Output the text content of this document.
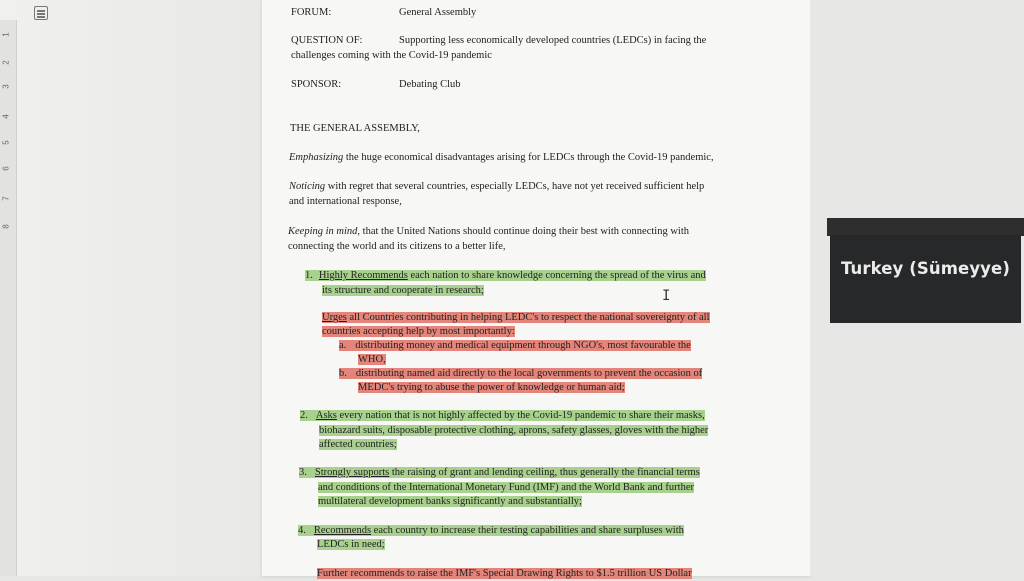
1
2
3
4
5
6
7
8
FORUM:	General Assembly
QUESTION OF:	Supporting less economically developed countries (LEDCs) in facing the
challenges coming with the Covid-19 pandemic
SPONSOR:	Debating Club
THE GENERAL ASSEMBLY,
Emphasizing the huge economical disadvantages arising for LEDCs through the Covid-19 pandemic,
Noticing with regret that several countries, especially LEDCs, have not yet received sufficient help
and international response,
Keeping in mind, that the United Nations should continue doing their best with connecting with
connecting the world and its citizens to a better life,
1. Highly Recommends each nation to share knowledge concerning the spread of the virus and
its structure and cooperate in research;
Urges all Countries contributing in helping LEDC's to respect the national sovereignty of all
countries accepting help by most importantly:
a. distributing money and medical equipment through NGO's, most favourable the
WHO,
b. distributing named aid directly to the local governments to prevent the occasion of
MEDC's trying to abuse the power of knowledge or human aid;
2. Asks every nation that is not highly affected by the Covid-19 pandemic to share their masks,
biohazard suits, disposable protective clothing, aprons, safety glasses, gloves with the higher
affected countries;
3. Strongly supports the raising of grant and lending ceiling, thus generally the financial terms
and conditions of the International Monetary Fund (IMF) and the World Bank and further
multilateral development banks significantly and substantially;
4. Recommends each country to increase their testing capabilities and share surpluses with
LEDCs in need;
Further recommends to raise the IMF's Special Drawing Rights to $1.5 trillion US Dollar
I
Turkey (Sümeyye)
